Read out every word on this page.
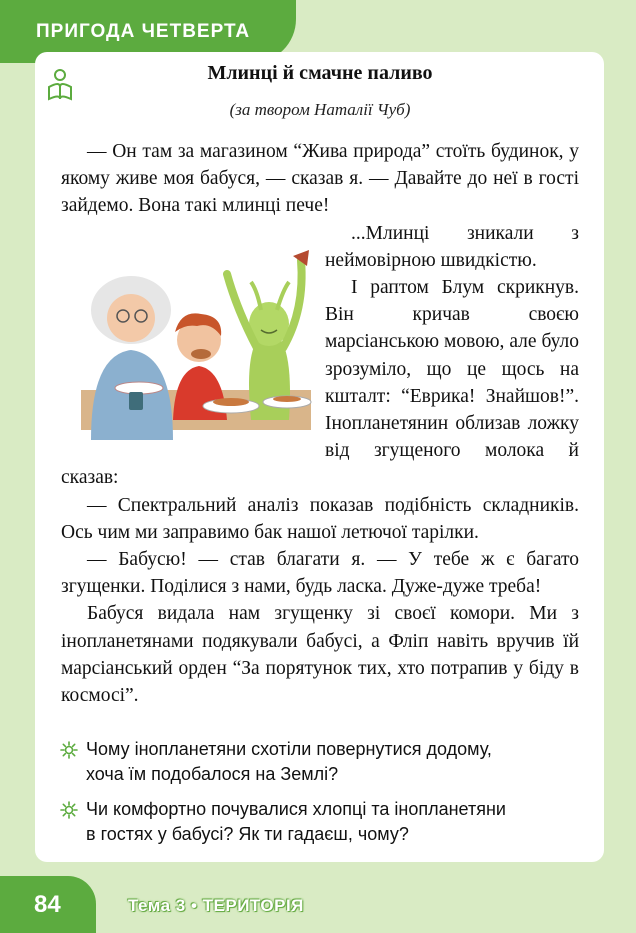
ПРИГОДА ЧЕТВЕРТА
Млинці й смачне паливо
(за твором Наталії Чуб)

— Он там за магазином “Жива природа” стоїть будинок, у якому живе моя бабуся, — сказав я. — Давайте до неї в гості зайдемо. Вона такі млинці пече!

...Млинці зникали з неймовірною швидкістю.

І раптом Блум скрикнув. Він кричав своєю марсіанською мовою, але було зрозуміло, що це щось на кшталт: “Еврика! Знайшов!”. Інопланетянин облизав ложку від згущеного молока й сказав:

— Спектральний аналіз показав подібність складників. Ось чим ми заправимо бак нашої летючої тарілки.

— Бабусю! — став благати я. — У тебе ж є багато згущенки. Поділися з нами, будь ласка. Дуже-дуже треба!

Бабуся видала нам згущенку зі своєї комори. Ми з інопланетянами подякували бабусі, а Фліп навіть вручив їй марсіанський орден “За порятунок тих, хто потрапив у біду в космосі”.

Чому інопланетяни схотіли повернутися додому,
хоча їм подобалося на Землі?
Чи комфортно почувалися хлопці та інопланетяни
в гостях у бабусі? Як ти гадаєш, чому?
84	Тема 3 • ТЕРИТОРІЯ
